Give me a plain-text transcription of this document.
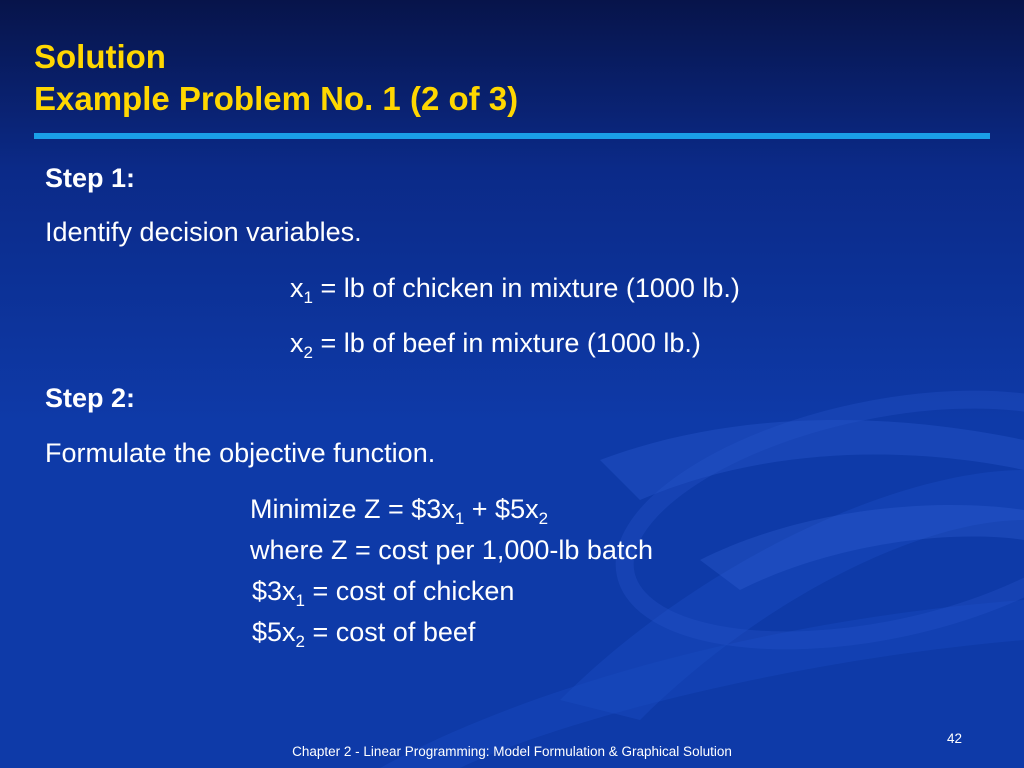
Solution
Example Problem No. 1 (2 of 3)
Step 1:
Identify decision variables.
$x_1$ = lb of chicken in mixture (1000 lb.)
$x_2$ = lb of beef in mixture (1000 lb.)
Step 2:
Formulate the objective function.
Minimize $Z = \$3x_1$ + $\$5x_2$
where Z = cost per 1,000-lb batch
$\$3x_1 = \cos t$ of chicken
$\$5x_2 = \cos t$ of beef
42
Chapter 2 - Linear Programming: Model Formulation & Graphical Solution
